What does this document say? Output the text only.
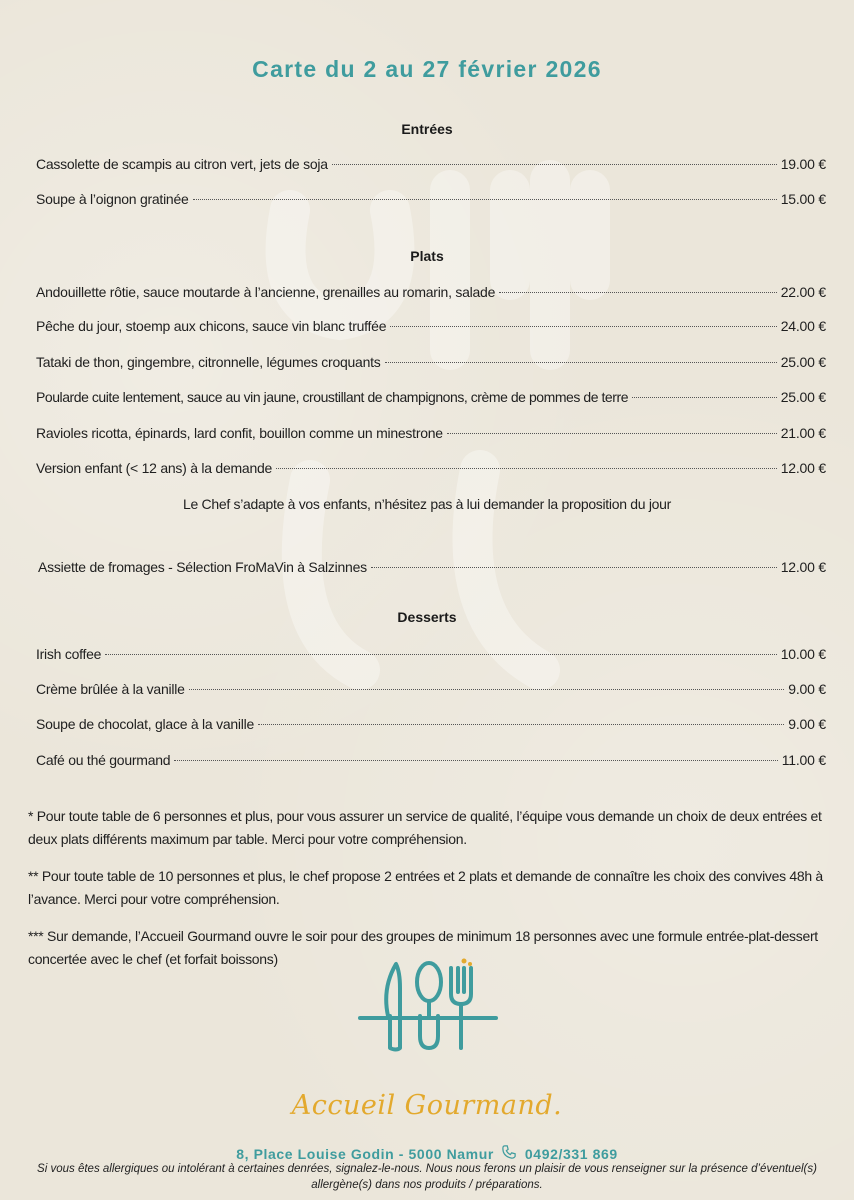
Carte du 2 au 27 février 2026
Entrées
Cassolette de scampis au citron vert, jets de soja	19.00 €
Soupe à l’oignon gratinée	15.00 €
Plats
Andouillette rôtie, sauce moutarde à l’ancienne, grenailles au romarin, salade	22.00 €
Pêche du jour, stoemp aux chicons, sauce vin blanc truffée	24.00 €
Tataki de thon, gingembre, citronnelle, légumes croquants	25.00 €
Poularde cuite lentement, sauce au vin jaune, croustillant de champignons, crème de pommes de terre	25.00 €
Ravioles ricotta, épinards, lard confit, bouillon comme un minestrone	21.00 €
Version enfant (< 12 ans) à la demande	12.00 €
Le Chef s’adapte à vos enfants, n’hésitez pas à lui demander la proposition du jour
Assiette de fromages - Sélection FroMaVin à Salzinnes	12.00 €
Desserts
Irish coffee	10.00 €
Crème brûlée à la vanille	9.00 €
Soupe de chocolat, glace à la vanille	9.00 €
Café ou thé gourmand	11.00 €
* Pour toute table de 6 personnes et plus, pour vous assurer un service de qualité, l’équipe vous demande un choix de deux entrées et deux plats différents maximum par table. Merci pour votre compréhension.
** Pour toute table de 10 personnes et plus, le chef propose 2 entrées et 2 plats et demande de connaître les choix des convives 48h à l’avance. Merci pour votre compréhension.
*** Sur demande, l’Accueil Gourmand ouvre le soir pour des groupes de minimum 18 personnes avec une formule entrée-plat-dessert concertée avec le chef (et forfait boissons)
Accueil Gourmand.
8, Place Louise Godin - 5000 Namur 0492/331 869
Si vous êtes allergiques ou intolérant à certaines denrées, signalez-le-nous. Nous nous ferons un plaisir de vous renseigner sur la présence d’éventuel(s) allergène(s) dans nos produits / préparations.
